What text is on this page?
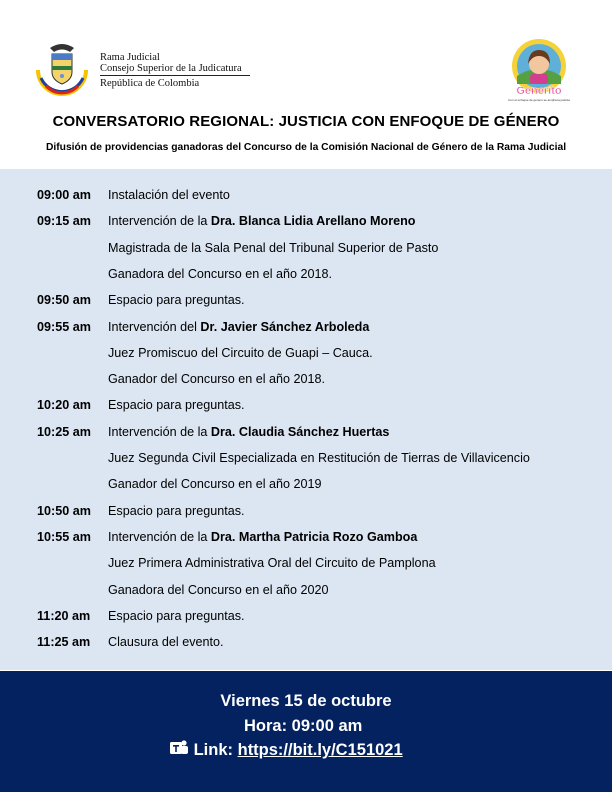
Rama Judicial
Consejo Superior de la Judicatura
República de Colombia
Generito
Con el enfoque de género se amplía la justicia
CONVERSATORIO REGIONAL: JUSTICIA CON ENFOQUE DE GÉNERO
Difusión de providencias ganadoras del Concurso de la Comisión Nacional de Género de la Rama Judicial
09:00 am Instalación del evento
09:15 am Intervención de la Dra. Blanca Lidia Arellano Moreno
Magistrada de la Sala Penal del Tribunal Superior de Pasto
Ganadora del Concurso en el año 2018.
09:50 am Espacio para preguntas.
09:55 am Intervención del Dr. Javier Sánchez Arboleda
Juez Promiscuo del Circuito de Guapi – Cauca.
Ganador del Concurso en el año 2018.
10:20 am Espacio para preguntas.
10:25 am Intervención de la Dra. Claudia Sánchez Huertas
Juez Segunda Civil Especializada en Restitución de Tierras de Villavicencio
Ganador del Concurso en el año 2019
10:50 am Espacio para preguntas.
10:55 am Intervención de la Dra. Martha Patricia Rozo Gamboa
Juez Primera Administrativa Oral del Circuito de Pamplona
Ganadora del Concurso en el año 2020
11:20 am Espacio para preguntas.
11:25 am Clausura del evento.
Viernes 15 de octubre
Hora: 09:00 am
Link: https://bit.ly/C151021
